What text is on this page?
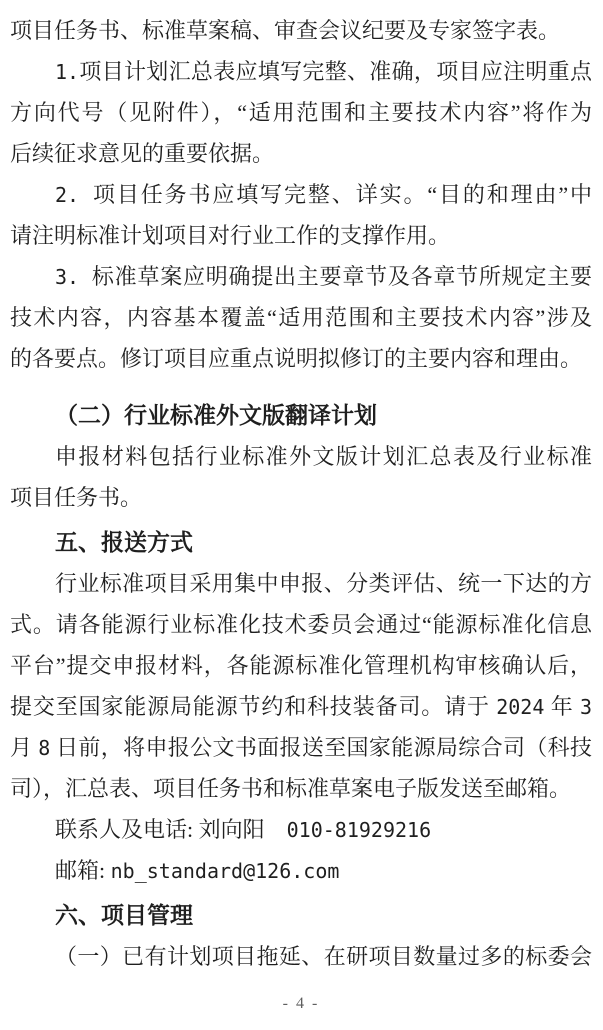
项目任务书、标准草案稿、审查会议纪要及专家签字表。
1.项目计划汇总表应填写完整、准确，项目应注明重点
方向代号（见附件），“适用范围和主要技术内容”将作为
后续征求意见的重要依据。
2. 项目任务书应填写完整、详实。“目的和理由”中
请注明标准计划项目对行业工作的支撑作用。
3. 标准草案应明确提出主要章节及各章节所规定主要
技术内容，内容基本覆盖“适用范围和主要技术内容”涉及
的各要点。修订项目应重点说明拟修订的主要内容和理由。
（二）行业标准外文版翻译计划
申报材料包括行业标准外文版计划汇总表及行业标准
项目任务书。
五、报送方式
行业标准项目采用集中申报、分类评估、统一下达的方
式。请各能源行业标准化技术委员会通过“能源标准化信息
平台”提交申报材料，各能源标准化管理机构审核确认后，
提交至国家能源局能源节约和科技装备司。请于 2024 年 3
月 8 日前，将申报公文书面报送至国家能源局综合司（科技
司），汇总表、项目任务书和标准草案电子版发送至邮箱。
联系人及电话: 刘向阳　010-81929216
邮箱: nb_standard@126.com
六、项目管理
（一）已有计划项目拖延、在研项目数量过多的标委会
- 4 -
